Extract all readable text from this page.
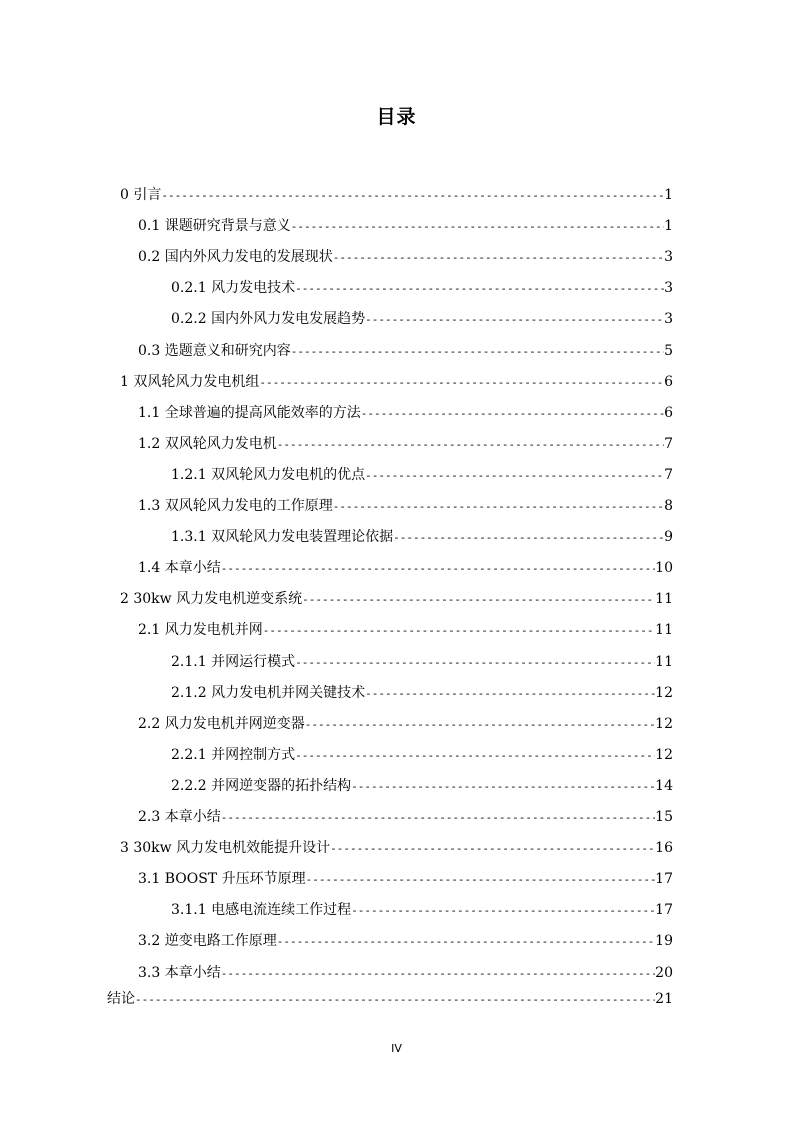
目录
0 引言 -----	1
0.1 课题研究背景与意义 -----	1
0.2 国内外风力发电的发展现状 -----	3
0.2.1 风力发电技术 -----	3
0.2.2 国内外风力发电发展趋势 -----	3
0.3 选题意义和研究内容 -----	5
1 双风轮风力发电机组 -----	6
1.1 全球普遍的提高风能效率的方法 -----	6
1.2 双风轮风力发电机 -----	7
1.2.1 双风轮风力发电机的优点 -----	7
1.3 双风轮风力发电的工作原理 -----	8
1.3.1 双风轮风力发电装置理论依据 -----	9
1.4 本章小结 -----	10
2 30kw 风力发电机逆变系统 -----	11
2.1 风力发电机并网 -----	11
2.1.1 并网运行模式 -----	11
2.1.2 风力发电机并网关键技术 -----	12
2.2 风力发电机并网逆变器 -----	12
2.2.1 并网控制方式 -----	12
2.2.2 并网逆变器的拓扑结构 -----	14
2.3 本章小结 -----	15
3 30kw 风力发电机效能提升设计 -----	16
3.1 BOOST 升压环节原理 -----	17
3.1.1 电感电流连续工作过程 -----	17
3.2 逆变电路工作原理 -----	19
3.3 本章小结 -----	20
结论 -----	21
IV
